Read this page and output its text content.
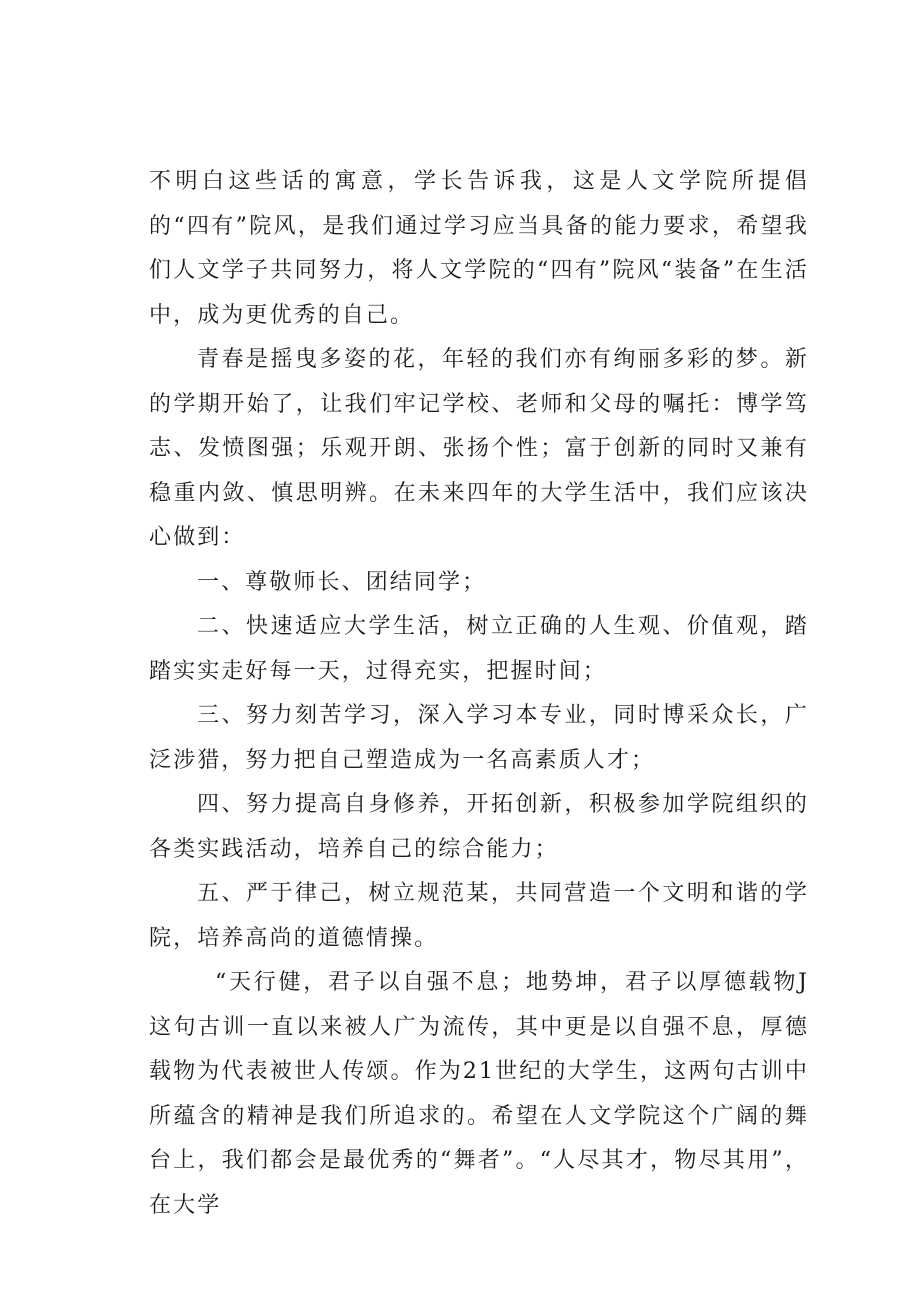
不明白这些话的寓意，学长告诉我，这是人文学院所提倡的“四有”院风，是我们通过学习应当具备的能力要求，希望我们人文学子共同努力，将人文学院的“四有”院风“装备”在生活中，成为更优秀的自己。

青春是摇曳多姿的花，年轻的我们亦有绚丽多彩的梦。新的学期开始了，让我们牢记学校、老师和父母的嘱托：博学笃志、发愤图强；乐观开朗、张扬个性；富于创新的同时又兼有稳重内敛、慎思明辨。在未来四年的大学生活中，我们应该决心做到：

一、尊敬师长、团结同学；

二、快速适应大学生活，树立正确的人生观、价值观，踏踏实实走好每一天，过得充实，把握时间；

三、努力刻苦学习，深入学习本专业，同时博采众长，广泛涉猎，努力把自己塑造成为一名高素质人才；

四、努力提高自身修养，开拓创新，积极参加学院组织的各类实践活动，培养自己的综合能力；

五、严于律己，树立规范某，共同营造一个文明和谐的学院，培养高尚的道德情操。

“天行健，君子以自强不息；地势坤，君子以厚德载物J这句古训一直以来被人广为流传，其中更是以自强不息，厚德载物为代表被世人传颂。作为21世纪的大学生，这两句古训中所蕴含的精神是我们所追求的。希望在人文学院这个广阔的舞台上，我们都会是最优秀的“舞者”。“人尽其才，物尽其用”，在大学
